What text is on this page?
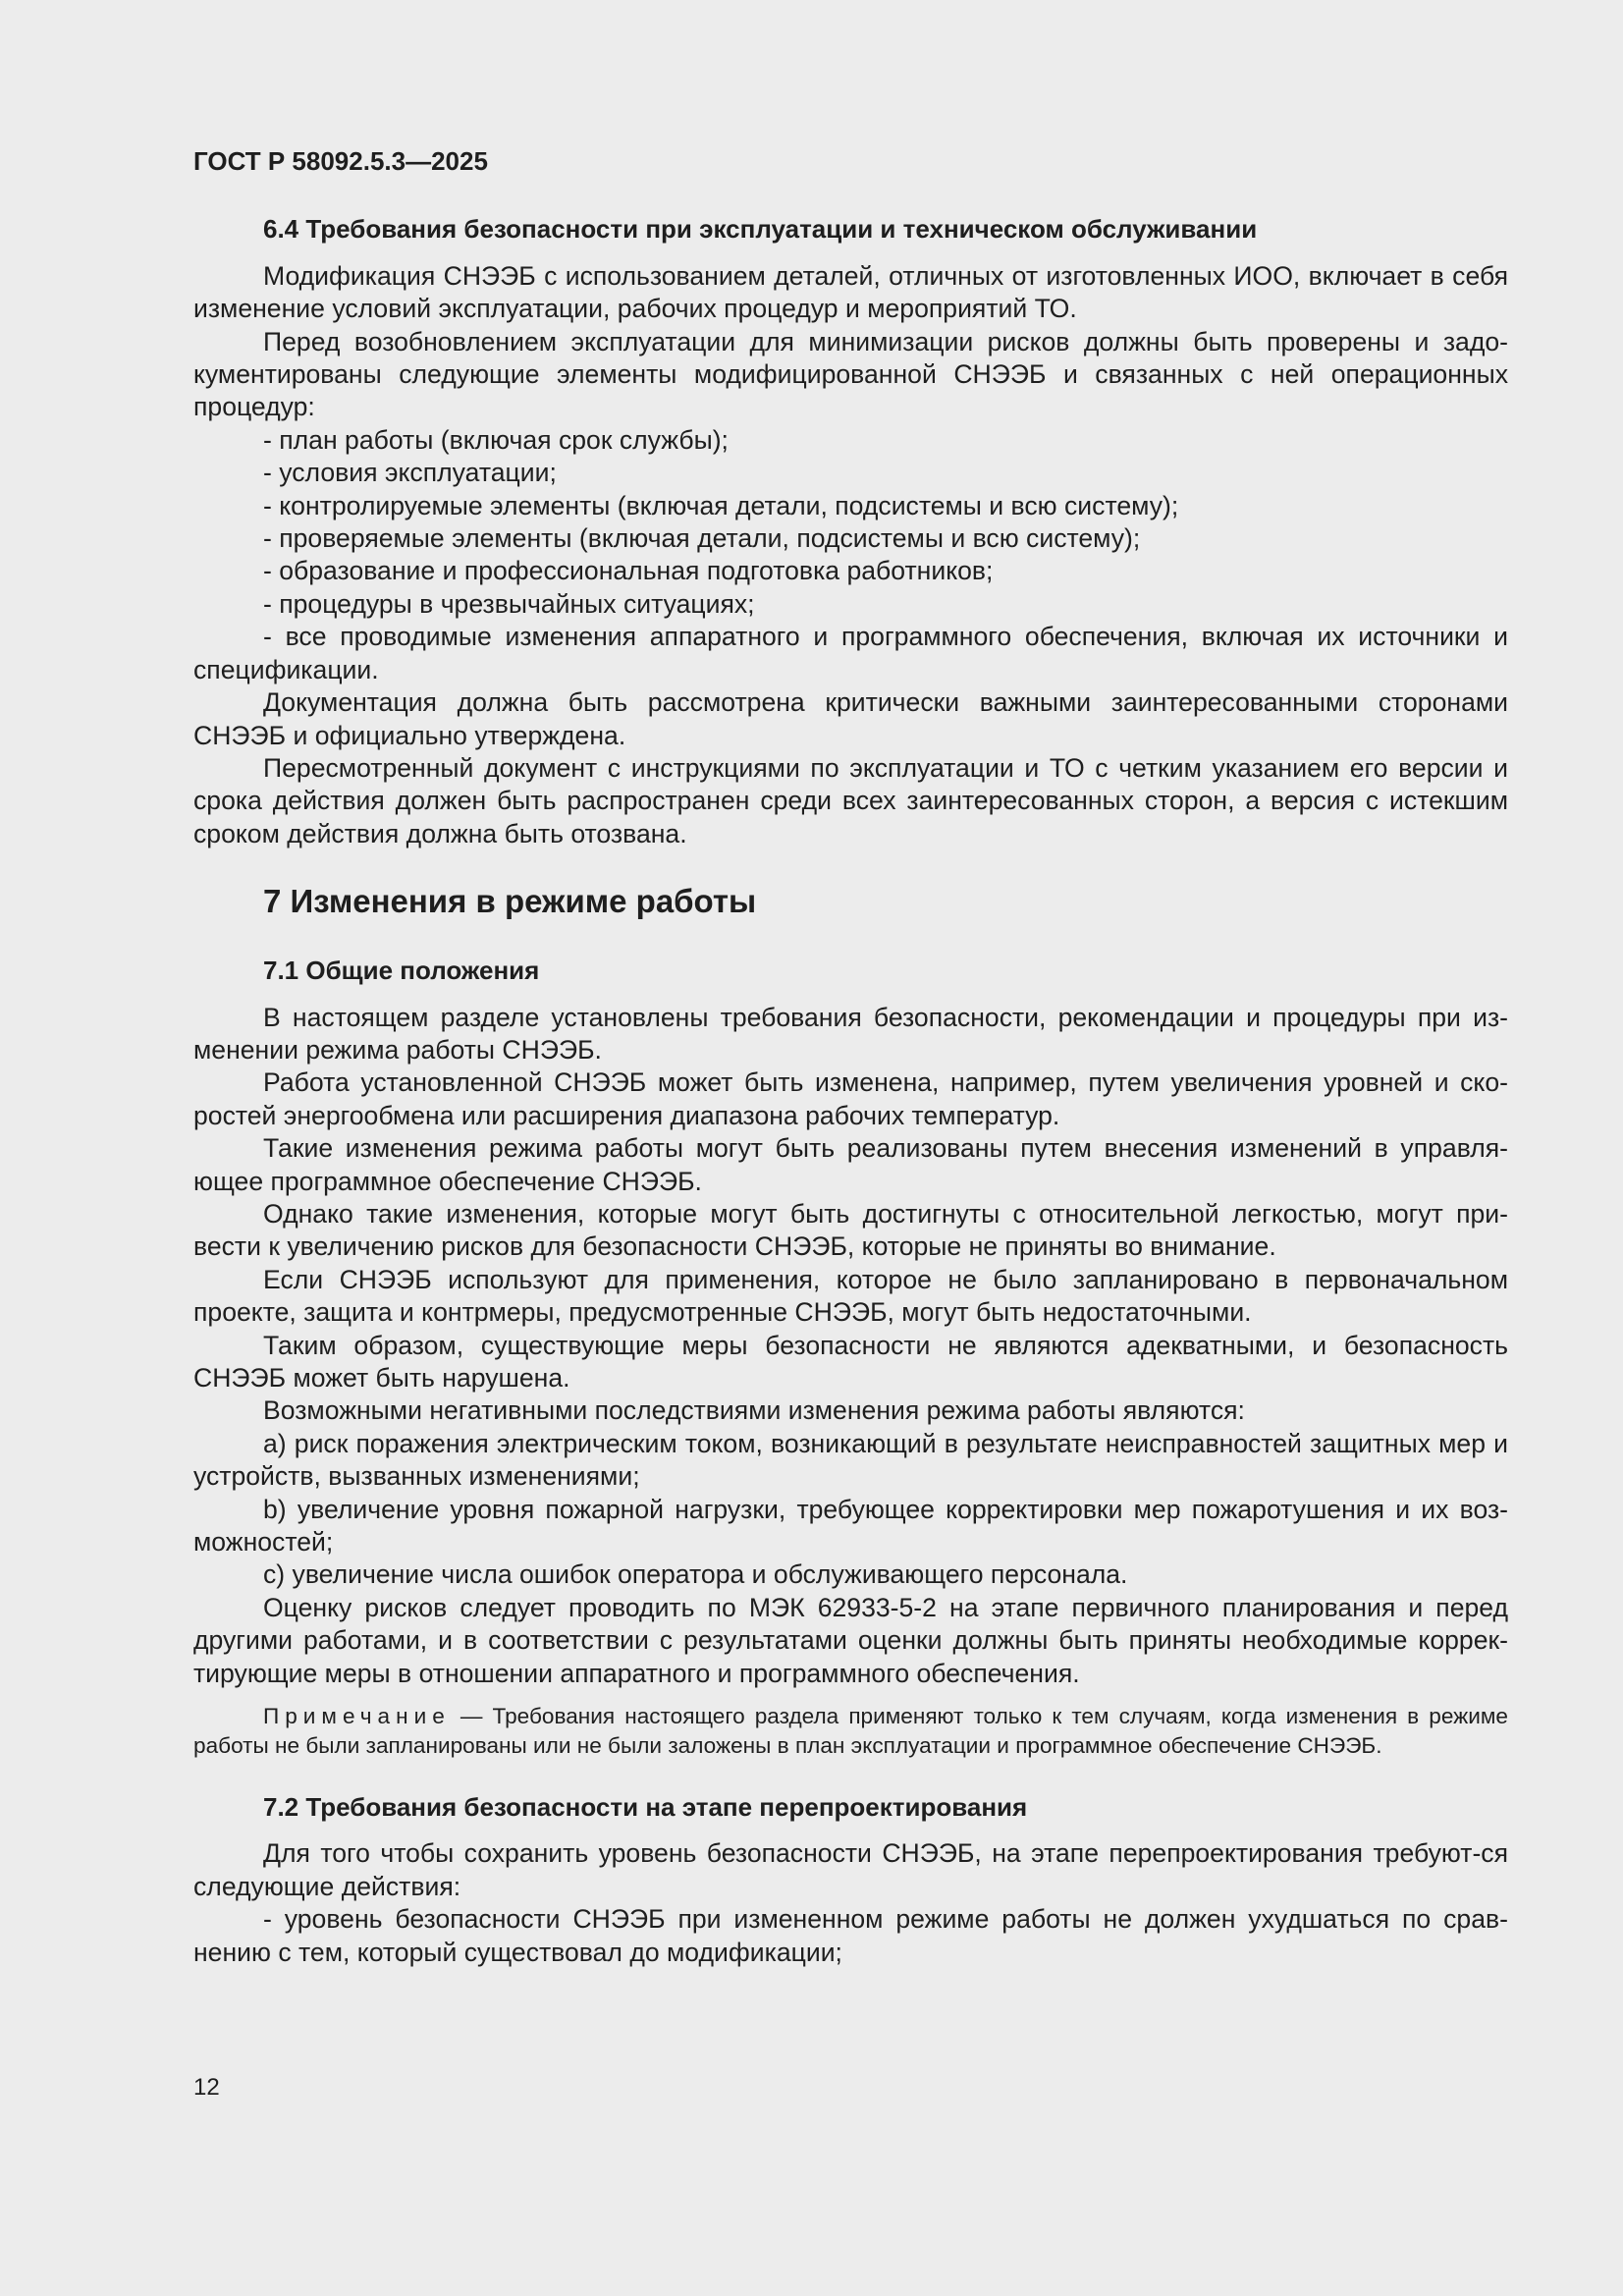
ГОСТ Р 58092.5.3—2025
6.4 Требования безопасности при эксплуатации и техническом обслуживании

Модификация СНЭЭБ с использованием деталей, отличных от изготовленных ИОО, включает в себя изменение условий эксплуатации, рабочих процедур и мероприятий ТО.

Перед возобновлением эксплуатации для минимизации рисков должны быть проверены и задо-кументированы следующие элементы модифицированной СНЭЭБ и связанных с ней операционных процедур:

- план работы (включая срок службы);

- условия эксплуатации;

- контролируемые элементы (включая детали, подсистемы и всю систему);

- проверяемые элементы (включая детали, подсистемы и всю систему);

- образование и профессиональная подготовка работников;

- процедуры в чрезвычайных ситуациях;

- все проводимые изменения аппаратного и программного обеспечения, включая их источники и спецификации.

Документация должна быть рассмотрена критически важными заинтересованными сторонами СНЭЭБ и официально утверждена.

Пересмотренный документ с инструкциями по эксплуатации и ТО с четким указанием его версии и срока действия должен быть распространен среди всех заинтересованных сторон, а версия с истекшим сроком действия должна быть отозвана.

7 Изменения в режиме работы
7.1 Общие положения

В настоящем разделе установлены требования безопасности, рекомендации и процедуры при из-менении режима работы СНЭЭБ.

Работа установленной СНЭЭБ может быть изменена, например, путем увеличения уровней и ско-ростей энергообмена или расширения диапазона рабочих температур.

Такие изменения режима работы могут быть реализованы путем внесения изменений в управля-ющее программное обеспечение СНЭЭБ.

Однако такие изменения, которые могут быть достигнуты с относительной легкостью, могут при-вести к увеличению рисков для безопасности СНЭЭБ, которые не приняты во внимание.

Если СНЭЭБ используют для применения, которое не было запланировано в первоначальном проекте, защита и контрмеры, предусмотренные СНЭЭБ, могут быть недостаточными.

Таким образом, существующие меры безопасности не являются адекватными, и безопасность СНЭЭБ может быть нарушена.

Возможными негативными последствиями изменения режима работы являются:

a) риск поражения электрическим током, возникающий в результате неисправностей защитных мер и устройств, вызванных изменениями;

b) увеличение уровня пожарной нагрузки, требующее корректировки мер пожаротушения и их воз-можностей;

c) увеличение числа ошибок оператора и обслуживающего персонала.

Оценку рисков следует проводить по МЭК 62933-5-2 на этапе первичного планирования и перед другими работами, и в соответствии с результатами оценки должны быть приняты необходимые коррек-тирующие меры в отношении аппаратного и программного обеспечения.

Примечание — Требования настоящего раздела применяют только к тем случаям, когда изменения в режиме работы не были запланированы или не были заложены в план эксплуатации и программное обеспечение СНЭЭБ.

7.2 Требования безопасности на этапе перепроектирования

Для того чтобы сохранить уровень безопасности СНЭЭБ, на этапе перепроектирования требуют-ся следующие действия:

- уровень безопасности СНЭЭБ при измененном режиме работы не должен ухудшаться по срав-нению с тем, который существовал до модификации;

12
